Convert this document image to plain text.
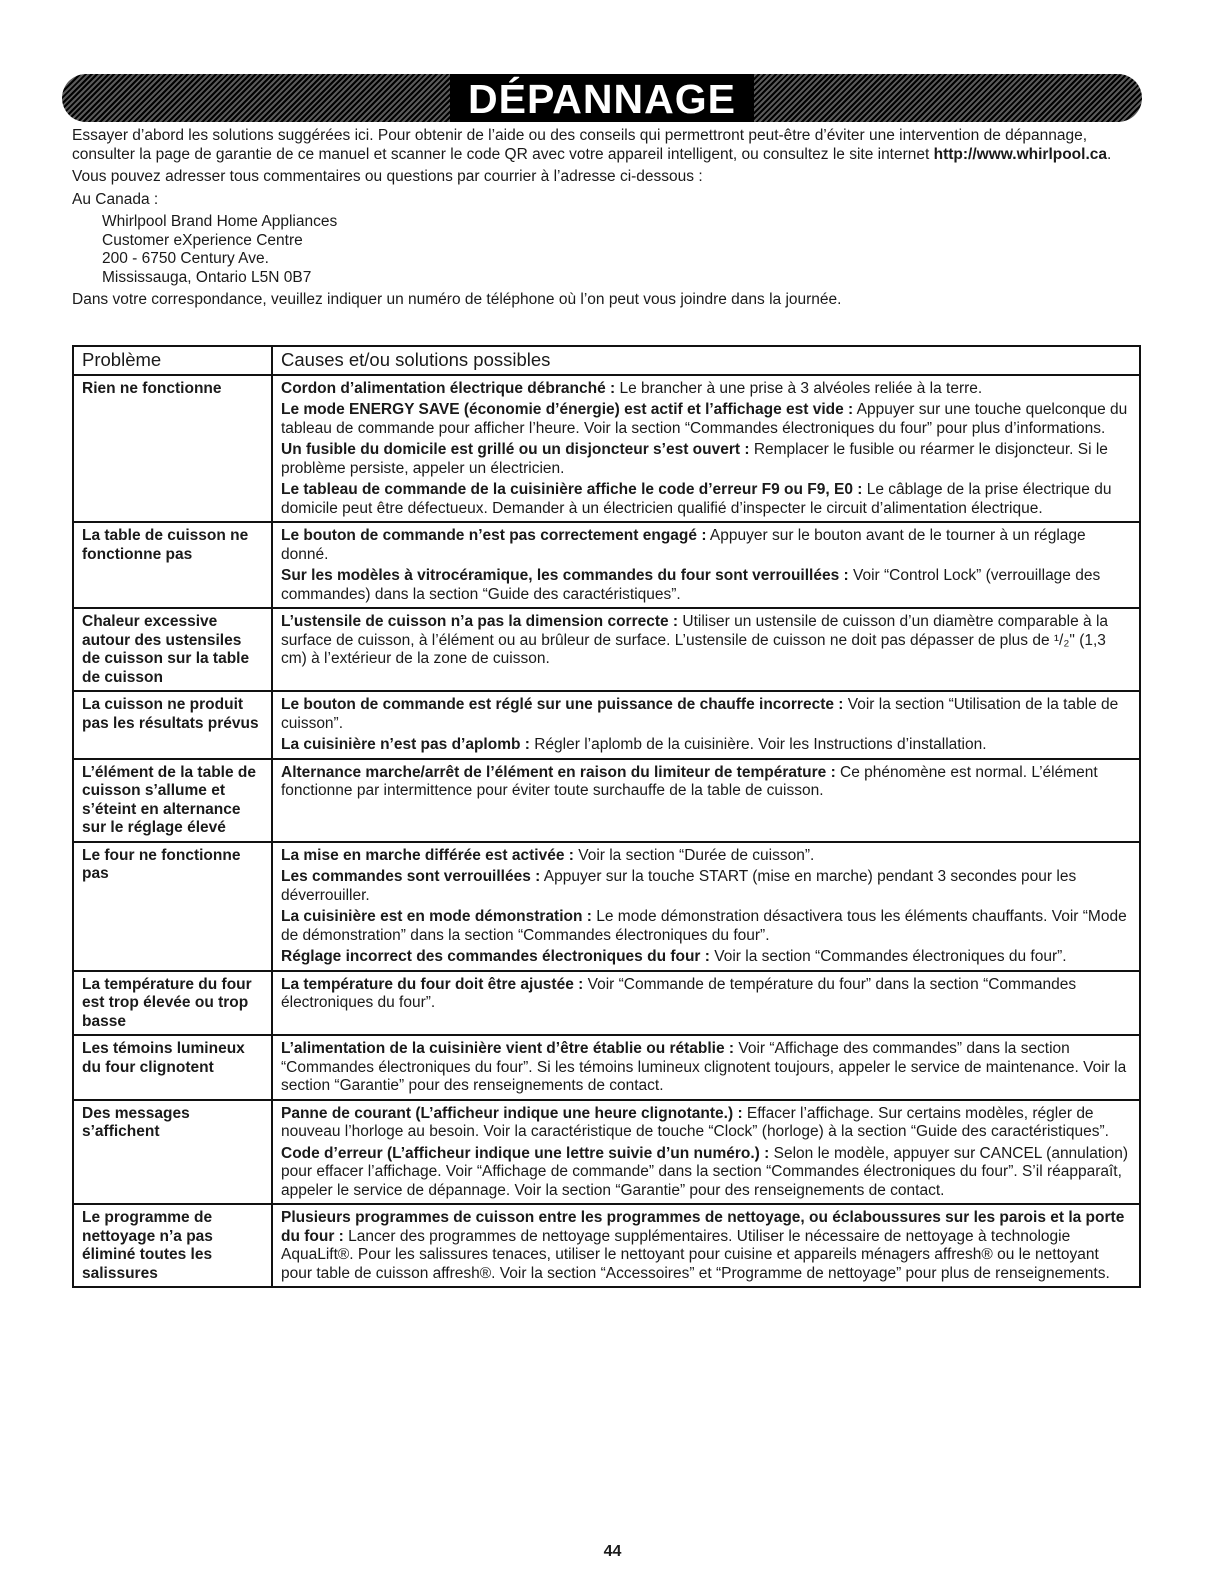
DÉPANNAGE

Essayer d’abord les solutions suggérées ici. Pour obtenir de l’aide ou des conseils qui permettront peut-être d’éviter une intervention de dépannage, consulter la page de garantie de ce manuel et scanner le code QR avec votre appareil intelligent, ou consultez le site internet http://www.whirlpool.ca.

Vous pouvez adresser tous commentaires ou questions par courrier à l’adresse ci-dessous :

Au Canada :

Whirlpool Brand Home Appliances
Customer eXperience Centre
200 - 6750 Century Ave.
Mississauga, Ontario L5N 0B7

Dans votre correspondance, veuillez indiquer un numéro de téléphone où l’on peut vous joindre dans la journée.

Problème	Causes et/ou solutions possibles
Rien ne fonctionne	Cordon d’alimentation électrique débranché : Le brancher à une prise à 3 alvéoles reliée à la terre.

Le mode ENERGY SAVE (économie d’énergie) est actif et l’affichage est vide : Appuyer sur une touche quelconque du tableau de commande pour afficher l’heure. Voir la section “Commandes électroniques du four” pour plus d’informations.

Un fusible du domicile est grillé ou un disjoncteur s’est ouvert : Remplacer le fusible ou réarmer le disjoncteur. Si le problème persiste, appeler un électricien.

Le tableau de commande de la cuisinière affiche le code d’erreur F9 ou F9, E0 : Le câblage de la prise électrique du domicile peut être défectueux. Demander à un électricien qualifié d’inspecter le circuit d’alimentation électrique.

La table de cuisson ne fonctionne pas	Le bouton de commande n’est pas correctement engagé : Appuyer sur le bouton avant de le tourner à un réglage donné.

Sur les modèles à vitrocéramique, les commandes du four sont verrouillées : Voir “Control Lock” (verrouillage des commandes) dans la section “Guide des caractéristiques”.

Chaleur excessive autour des ustensiles de cuisson sur la table de cuisson	L’ustensile de cuisson n’a pas la dimension correcte : Utiliser un ustensile de cuisson d’un diamètre comparable à la surface de cuisson, à l’élément ou au brûleur de surface. L’ustensile de cuisson ne doit pas dépasser de plus de ¹/₂" (1,3 cm) à l’extérieur de la zone de cuisson.

La cuisson ne produit pas les résultats prévus	Le bouton de commande est réglé sur une puissance de chauffe incorrecte : Voir la section “Utilisation de la table de cuisson”.

La cuisinière n’est pas d’aplomb : Régler l’aplomb de la cuisinière. Voir les Instructions d’installation.

L’élément de la table de cuisson s’allume et s’éteint en alternance sur le réglage élevé	Alternance marche/arrêt de l’élément en raison du limiteur de température : Ce phénomène est normal. L’élément fonctionne par intermittence pour éviter toute surchauffe de la table de cuisson.

Le four ne fonctionne pas	La mise en marche différée est activée : Voir la section “Durée de cuisson”.

Les commandes sont verrouillées : Appuyer sur la touche START (mise en marche) pendant 3 secondes pour les déverrouiller.

La cuisinière est en mode démonstration : Le mode démonstration désactivera tous les éléments chauffants. Voir “Mode de démonstration” dans la section “Commandes électroniques du four”.

Réglage incorrect des commandes électroniques du four : Voir la section “Commandes électroniques du four”.

La température du four est trop élevée ou trop basse	La température du four doit être ajustée : Voir “Commande de température du four” dans la section “Commandes électroniques du four”.

Les témoins lumineux du four clignotent	L’alimentation de la cuisinière vient d’être établie ou rétablie : Voir “Affichage des commandes” dans la section “Commandes électroniques du four”. Si les témoins lumineux clignotent toujours, appeler le service de maintenance. Voir la section “Garantie” pour des renseignements de contact.

Des messages s’affichent	Panne de courant (L’afficheur indique une heure clignotante.) : Effacer l’affichage. Sur certains modèles, régler de nouveau l’horloge au besoin. Voir la caractéristique de touche “Clock” (horloge) à la section “Guide des caractéristiques”.

Code d’erreur (L’afficheur indique une lettre suivie d’un numéro.) : Selon le modèle, appuyer sur CANCEL (annulation) pour effacer l’affichage. Voir “Affichage de commande” dans la section “Commandes électroniques du four”. S’il réapparaît, appeler le service de dépannage. Voir la section “Garantie” pour des renseignements de contact.

Le programme de nettoyage n’a pas éliminé toutes les salissures	Plusieurs programmes de cuisson entre les programmes de nettoyage, ou éclaboussures sur les parois et la porte du four : Lancer des programmes de nettoyage supplémentaires. Utiliser le nécessaire de nettoyage à technologie AquaLift®. Pour les salissures tenaces, utiliser le nettoyant pour cuisine et appareils ménagers affresh® ou le nettoyant pour table de cuisson affresh®. Voir la section “Accessoires” et “Programme de nettoyage” pour plus de renseignements.

44
